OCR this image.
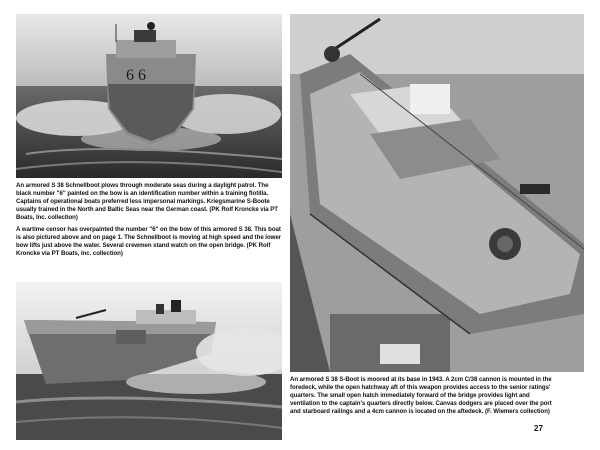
6 6
An armored S 38 Schnellboot plows through moderate seas during a daylight patrol. The black number "6" painted on the bow is an identification number within a training flotilla. Captains of operational boats preferred less impersonal markings. Kriegsmarine S-Boote usually trained in the North and Baltic Seas near the German coast. (PK Rolf Kroncke via PT Boats, Inc. collection)
A wartime censor has overpainted the number "6" on the bow of this armored S 38. This boat is also pictured above and on page 1. The Schnellboot is moving at high speed and the lower bow lifts just above the water. Several crewmen stand watch on the open bridge. (PK Rolf Kroncke via PT Boats, Inc. collection)
An armored S 38 S-Boot is moored at its base in 1943. A 2cm C/38 cannon is mounted in the foredeck, while the open hatchway aft of this weapon provides access to the senior ratings' quarters. The small open hatch immediately forward of the bridge provides light and ventilation to the captain's quarters directly below. Canvas dodgers are placed over the port and starboard railings and a 4cm cannon is located on the aftedeck. (F. Wiemers collection)
27
